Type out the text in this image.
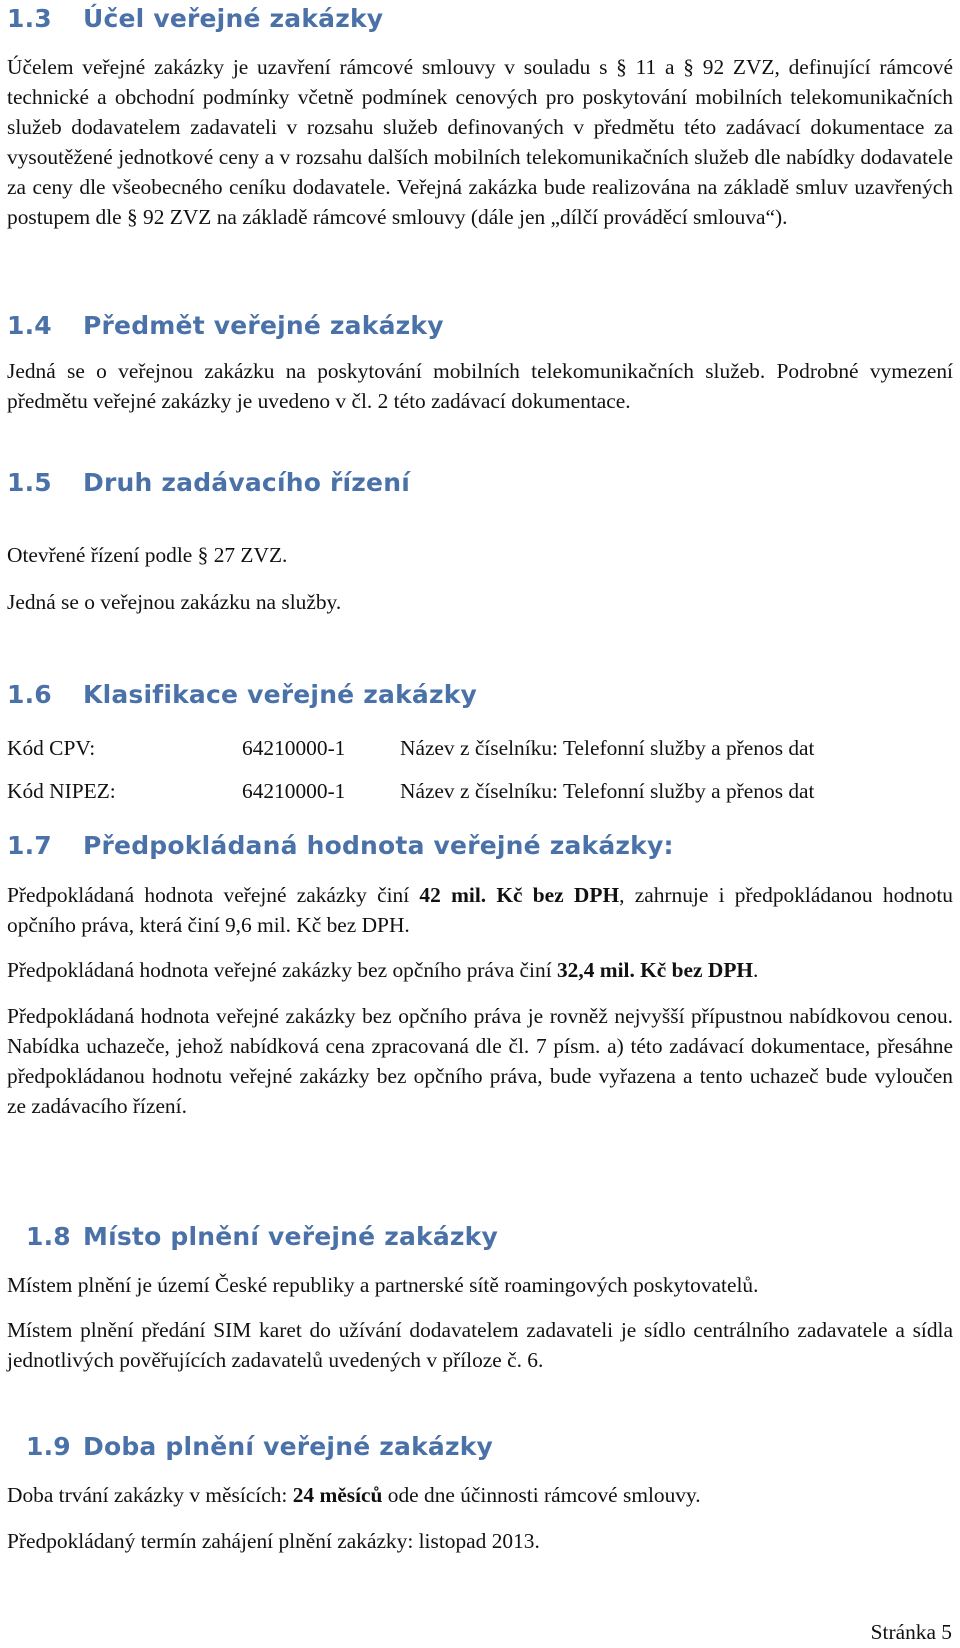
1.3 Účel veřejné zakázky

Účelem veřejné zakázky je uzavření rámcové smlouvy v souladu s § 11 a § 92 ZVZ, definující rámcové technické a obchodní podmínky včetně podmínek cenových pro poskytování mobilních telekomunikačních služeb dodavatelem zadavateli v rozsahu služeb definovaných v předmětu této zadávací dokumentace za vysoutěžené jednotkové ceny a v rozsahu dalších mobilních telekomunikačních služeb dle nabídky dodavatele za ceny dle všeobecného ceníku dodavatele. Veřejná zakázka bude realizována na základě smluv uzavřených postupem dle § 92 ZVZ na základě rámcové smlouvy (dále jen „dílčí prováděcí smlouva“).

1.4 Předmět veřejné zakázky

Jedná se o veřejnou zakázku na poskytování mobilních telekomunikačních služeb. Podrobné vymezení předmětu veřejné zakázky je uvedeno v čl. 2 této zadávací dokumentace.

1.5 Druh zadávacího řízení

Otevřené řízení podle § 27 ZVZ.

Jedná se o veřejnou zakázku na služby.

1.6 Klasifikace veřejné zakázky
Kód CPV:	64210000-1	Název z číselníku: Telefonní služby a přenos dat
Kód NIPEZ:	64210000-1	Název z číselníku: Telefonní služby a přenos dat
1.7 Předpokládaná hodnota veřejné zakázky:

Předpokládaná hodnota veřejné zakázky činí 42 mil. Kč bez DPH, zahrnuje i předpokládanou hodnotu opčního práva, která činí 9,6 mil. Kč bez DPH.

Předpokládaná hodnota veřejné zakázky bez opčního práva činí 32,4 mil. Kč bez DPH.

Předpokládaná hodnota veřejné zakázky bez opčního práva je rovněž nejvyšší přípustnou nabídkovou cenou. Nabídka uchazeče, jehož nabídková cena zpracovaná dle čl. 7 písm. a) této zadávací dokumentace, přesáhne předpokládanou hodnotu veřejné zakázky bez opčního práva, bude vyřazena a tento uchazeč bude vyloučen ze zadávacího řízení.

1.8 Místo plnění veřejné zakázky

Místem plnění je území České republiky a partnerské sítě roamingových poskytovatelů.

Místem plnění předání SIM karet do užívání dodavatelem zadavateli je sídlo centrálního zadavatele a sídla jednotlivých pověřujících zadavatelů uvedených v příloze č. 6.

1.9 Doba plnění veřejné zakázky

Doba trvání zakázky v měsících: 24 měsíců ode dne účinnosti rámcové smlouvy.

Předpokládaný termín zahájení plnění zakázky: listopad 2013.

Stránka 5
